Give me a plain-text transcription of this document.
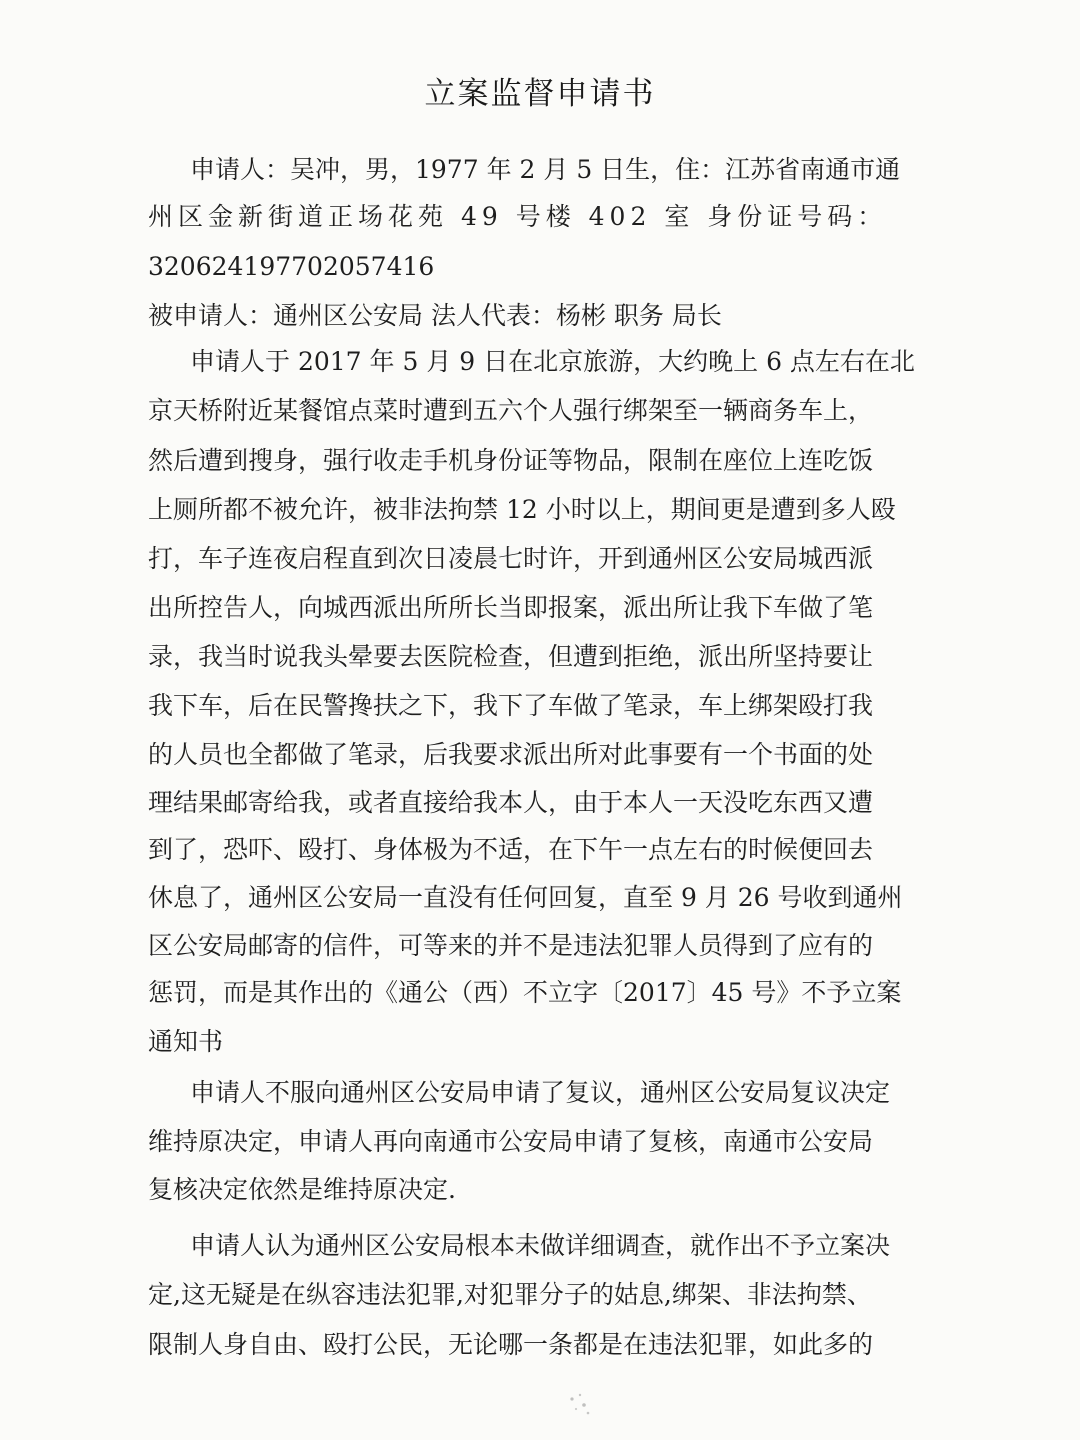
立案监督申请书
申请人：吴冲，男，1977 年 2 月 5 日生，住：江苏省南通市通
州区金新街道正场花苑 49 号楼 402 室 身份证号码：
320624197702057416
被申请人：通州区公安局 法人代表：杨彬 职务 局长
申请人于 2017 年 5 月 9 日在北京旅游，大约晚上 6 点左右在北
京天桥附近某餐馆点菜时遭到五六个人强行绑架至一辆商务车上，
然后遭到搜身，强行收走手机身份证等物品，限制在座位上连吃饭
上厕所都不被允许，被非法拘禁 12 小时以上，期间更是遭到多人殴
打，车子连夜启程直到次日凌晨七时许，开到通州区公安局城西派
出所控告人，向城西派出所所长当即报案，派出所让我下车做了笔
录，我当时说我头晕要去医院检查，但遭到拒绝，派出所坚持要让
我下车，后在民警搀扶之下，我下了车做了笔录，车上绑架殴打我
的人员也全都做了笔录，后我要求派出所对此事要有一个书面的处
理结果邮寄给我，或者直接给我本人，由于本人一天没吃东西又遭
到了，恐吓、殴打、身体极为不适，在下午一点左右的时候便回去
休息了，通州区公安局一直没有任何回复，直至 9 月 26 号收到通州
区公安局邮寄的信件，可等来的并不是违法犯罪人员得到了应有的
惩罚，而是其作出的《通公（西）不立字〔2017〕45 号》不予立案
通知书
申请人不服向通州区公安局申请了复议，通州区公安局复议决定
维持原决定，申请人再向南通市公安局申请了复核，南通市公安局
复核决定依然是维持原决定.
申请人认为通州区公安局根本未做详细调查，就作出不予立案决
定,这无疑是在纵容违法犯罪,对犯罪分子的姑息,绑架、非法拘禁、
限制人身自由、殴打公民，无论哪一条都是在违法犯罪，如此多的
